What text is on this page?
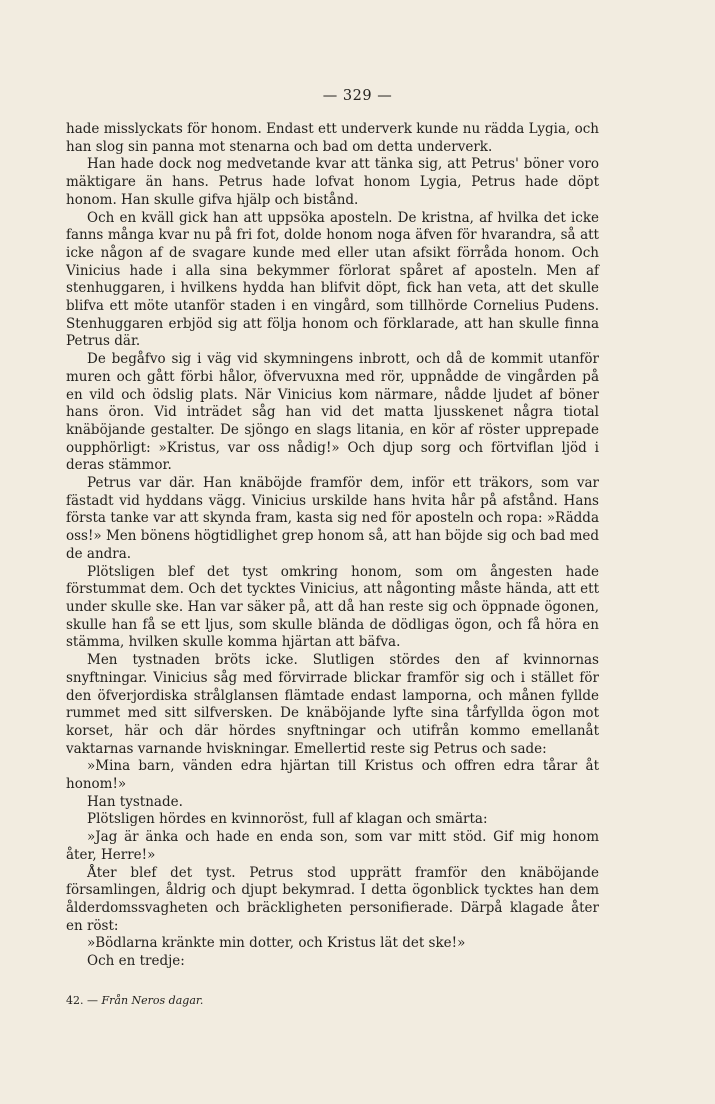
— 329 —

hade misslyckats för honom. Endast ett underverk kunde nu rädda Lygia, och han slog sin panna mot stenarna och bad om detta underverk.

Han hade dock nog medvetande kvar att tänka sig, att Petrus' böner voro mäktigare än hans. Petrus hade lofvat honom Lygia, Petrus hade döpt honom. Han skulle gifva hjälp och bistånd.

Och en kväll gick han att uppsöka aposteln. De kristna, af hvilka det icke fanns många kvar nu på fri fot, dolde honom noga äfven för hvarandra, så att icke någon af de svagare kunde med eller utan afsikt förråda honom. Och Vinicius hade i alla sina bekymmer förlorat spåret af aposteln. Men af stenhuggaren, i hvilkens hydda han blifvit döpt, fick han veta, att det skulle blifva ett möte utanför staden i en vingård, som tillhörde Cornelius Pudens. Stenhuggaren erbjöd sig att följa honom och förklarade, att han skulle finna Petrus där.

De begåfvo sig i väg vid skymningens inbrott, och då de kommit utanför muren och gått förbi hålor, öfvervuxna med rör, uppnådde de vingården på en vild och ödslig plats. När Vinicius kom närmare, nådde ljudet af böner hans öron. Vid inträdet såg han vid det matta ljusskenet några tiotal knäböjande gestalter. De sjöngo en slags litania, en kör af röster upprepade oupphörligt: »Kristus, var oss nådig!» Och djup sorg och förtviflan ljöd i deras stämmor.

Petrus var där. Han knäböjde framför dem, inför ett träkors, som var fästadt vid hyddans vägg. Vinicius urskilde hans hvita hår på afstånd. Hans första tanke var att skynda fram, kasta sig ned för aposteln och ropa: »Rädda oss!» Men bönens högtidlighet grep honom så, att han böjde sig och bad med de andra.

Plötsligen blef det tyst omkring honom, som om ångesten hade förstummat dem. Och det tycktes Vinicius, att någonting måste hända, att ett under skulle ske. Han var säker på, att då han reste sig och öppnade ögonen, skulle han få se ett ljus, som skulle blända de dödligas ögon, och få höra en stämma, hvilken skulle komma hjärtan att bäfva.

Men tystnaden bröts icke. Slutligen stördes den af kvinnornas snyftningar. Vinicius såg med förvirrade blickar framför sig och i stället för den öfverjordiska strålglansen flämtade endast lamporna, och månen fyllde rummet med sitt silfversken. De knäböjande lyfte sina tårfyllda ögon mot korset, här och där hördes snyftningar och utifrån kommo emellanåt vaktarnas varnande hviskningar. Emellertid reste sig Petrus och sade:

»Mina barn, vänden edra hjärtan till Kristus och offren edra tårar åt honom!»

Han tystnade.

Plötsligen hördes en kvinnoröst, full af klagan och smärta:

»Jag är änka och hade en enda son, som var mitt stöd. Gif mig honom åter, Herre!»

Åter blef det tyst. Petrus stod upprätt framför den knäböjande församlingen, åldrig och djupt bekymrad. I detta ögonblick tycktes han dem ålderdomssvagheten och bräckligheten personifierade. Därpå klagade åter en röst:

»Bödlarna kränkte min dotter, och Kristus lät det ske!»

Och en tredje:

42. — Från Neros dagar.
